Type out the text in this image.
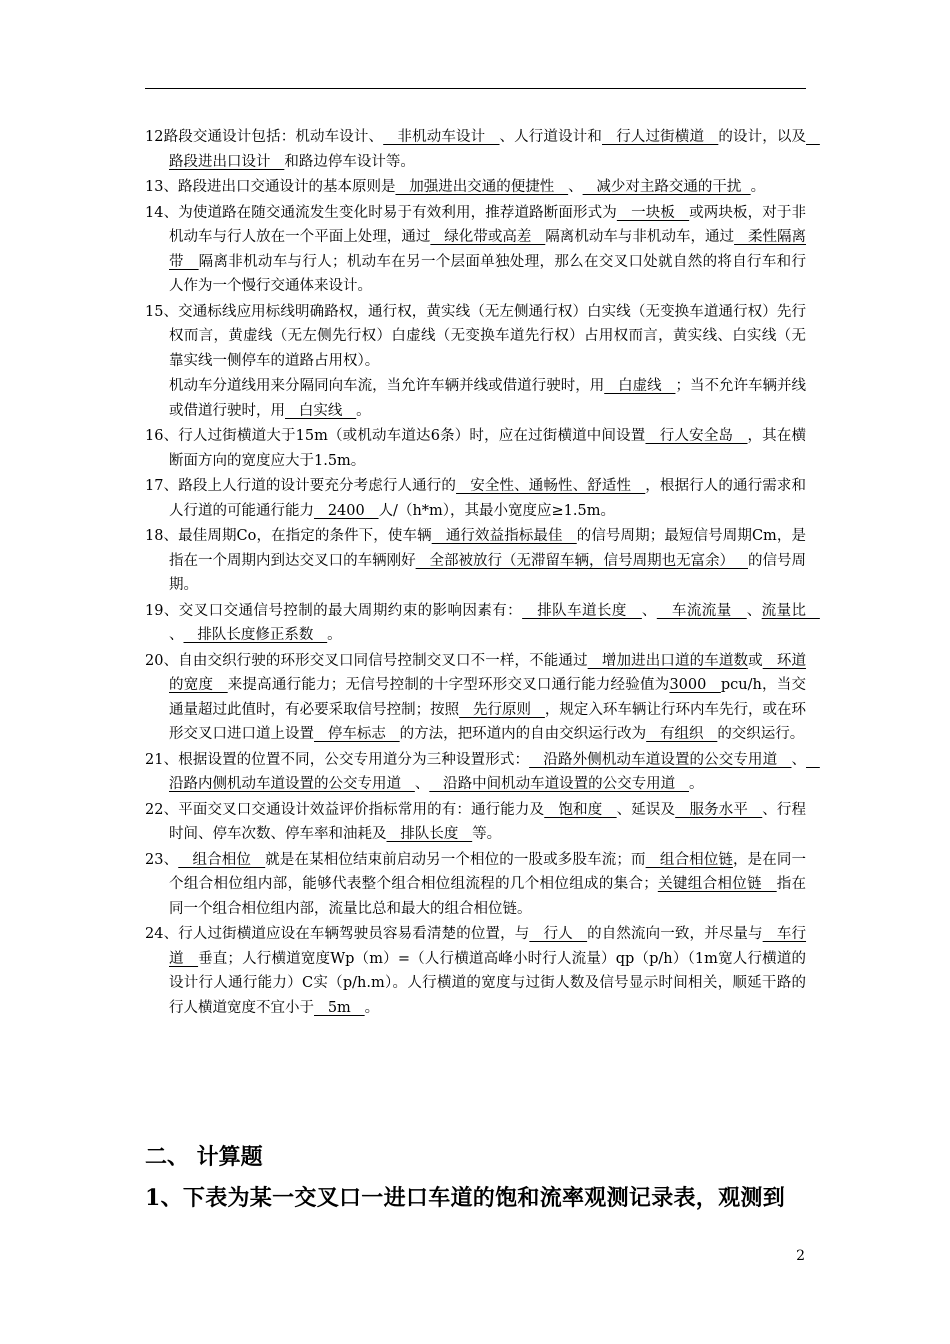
12路段交通设计包括：机动车设计、   非机动车设计   、人行道设计和   行人过街横道   的设计，以及   路段进出口设计   和路边停车设计等。

13、路段进出口交通设计的基本原则是   加强进出交通的便捷性   、   减少对主路交通的干扰  。

14、为使道路在随交通流发生变化时易于有效利用，推荐道路断面形式为   一块板   或两块板，对于非机动车与行人放在一个平面上处理，通过   绿化带或高差   隔离机动车与非机动车，通过   柔性隔离带   隔离非机动车与行人；机动车在另一个层面单独处理，那么在交叉口处就自然的将自行车和行人作为一个慢行交通体来设计。

15、交通标线应用标线明确路权，通行权，黄实线（无左侧通行权）白实线（无变换车道通行权）先行权而言，黄虚线（无左侧先行权）白虚线（无变换车道先行权）占用权而言，黄实线、白实线（无靠实线一侧停车的道路占用权）。

机动车分道线用来分隔同向车流，当允许车辆并线或借道行驶时，用   白虚线   ；当不允许车辆并线或借道行驶时，用   白实线   。

16、行人过街横道大于15m（或机动车道达6条）时，应在过街横道中间设置   行人安全岛   ，其在横断面方向的宽度应大于1.5m。

17、路段上人行道的设计要充分考虑行人通行的   安全性、通畅性、舒适性   ，根据行人的通行需求和人行道的可能通行能力   2400   人/（h*m），其最小宽度应≥1.5m。

18、最佳周期Co，在指定的条件下，使车辆   通行效益指标最佳   的信号周期；最短信号周期Cm，是指在一个周期内到达交叉口的车辆刚好   全部被放行（无滞留车辆，信号周期也无富余）   的信号周期。

19、交叉口交通信号控制的最大周期约束的影响因素有：   排队车道长度   、   车流流量   、流量比   、   排队长度修正系数   。

20、自由交织行驶的环形交叉口同信号控制交叉口不一样，不能通过   增加进出口道的车道数或   环道的宽度   来提高通行能力；无信号控制的十字型环形交叉口通行能力经验值为3000   pcu/h，当交通量超过此值时，有必要采取信号控制；按照   先行原则   ，规定入环车辆让行环内车先行，或在环形交叉口进口道上设置   停车标志   的方法，把环道内的自由交织运行改为   有组织   的交织运行。

21、根据设置的位置不同，公交专用道分为三种设置形式：   沿路外侧机动车道设置的公交专用道   、   沿路内侧机动车道设置的公交专用道   、   沿路中间机动车道设置的公交专用道   。

22、平面交叉口交通设计效益评价指标常用的有：通行能力及   饱和度   、延误及   服务水平   、行程时间、停车次数、停车率和油耗及   排队长度   等。

23、   组合相位   就是在某相位结束前启动另一个相位的一股或多股车流；而   组合相位链，是在同一个组合相位组内部，能够代表整个组合相位组流程的几个相位组成的集合；关键组合相位链   指在同一个组合相位组内部，流量比总和最大的组合相位链。

24、行人过街横道应设在车辆驾驶员容易看清楚的位置，与   行人   的自然流向一致，并尽量与   车行道   垂直；人行横道宽度Wp（m）=（人行横道高峰小时行人流量）qp（p/h）（1m宽人行横道的设计行人通行能力）C实（p/h.m）。人行横道的宽度与过街人数及信号显示时间相关，顺延干路的行人横道宽度不宜小于   5m   。

二、 计算题
1、下表为某一交叉口一进口车道的饱和流率观测记录表，观测到
2
